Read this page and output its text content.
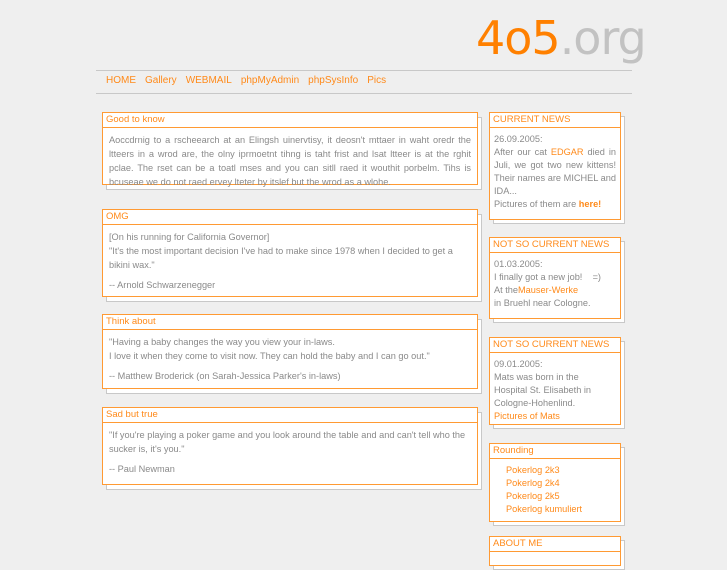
4o5.org
HOME Gallery WEBMAIL phpMyAdmin phpSysInfo Pics
Good to know
Aoccdrnig to a rscheearch at an Elingsh uinervtisy, it deosn't mttaer in waht oredr the ltteers in a wrod are, the olny iprmoetnt tihng is taht frist and lsat ltteer is at the rghit pclae. The rset can be a toatl mses and you can sitll raed it wouthit porbelm. Tihs is bcuseae we do not raed ervey lteter by itslef but the wrod as a wlohe.
OMG

[On his running for California Governor]

"It's the most important decision I've had to make since 1978 when I decided to get a bikini wax."

-- Arnold Schwarzenegger

Think about

"Having a baby changes the way you view your in-laws.

I love it when they come to visit now. They can hold the baby and I can go out."

-- Matthew Broderick (on Sarah-Jessica Parker's in-laws)

Sad but true

"If you're playing a poker game and you look around the table and and can't tell who the sucker is, it's you."

-- Paul Newman

CURRENT NEWS

26.09.2005:

After our cat EDGAR died in Juli, we got two new kittens! Their names are MICHEL and IDA...

Pictures of them are here!

NOT SO CURRENT NEWS

01.03.2005:

I finally got a new job!    =)

At theMauser-Werke

in Bruehl near Cologne.

NOT SO CURRENT NEWS

09.01.2005:

Mats was born in the

Hospital St. Elisabeth in

Cologne-Hohenlind.

Pictures of Mats

Rounding
Pokerlog 2k3
Pokerlog 2k4
Pokerlog 2k5
Pokerlog kumuliert
ABOUT ME
